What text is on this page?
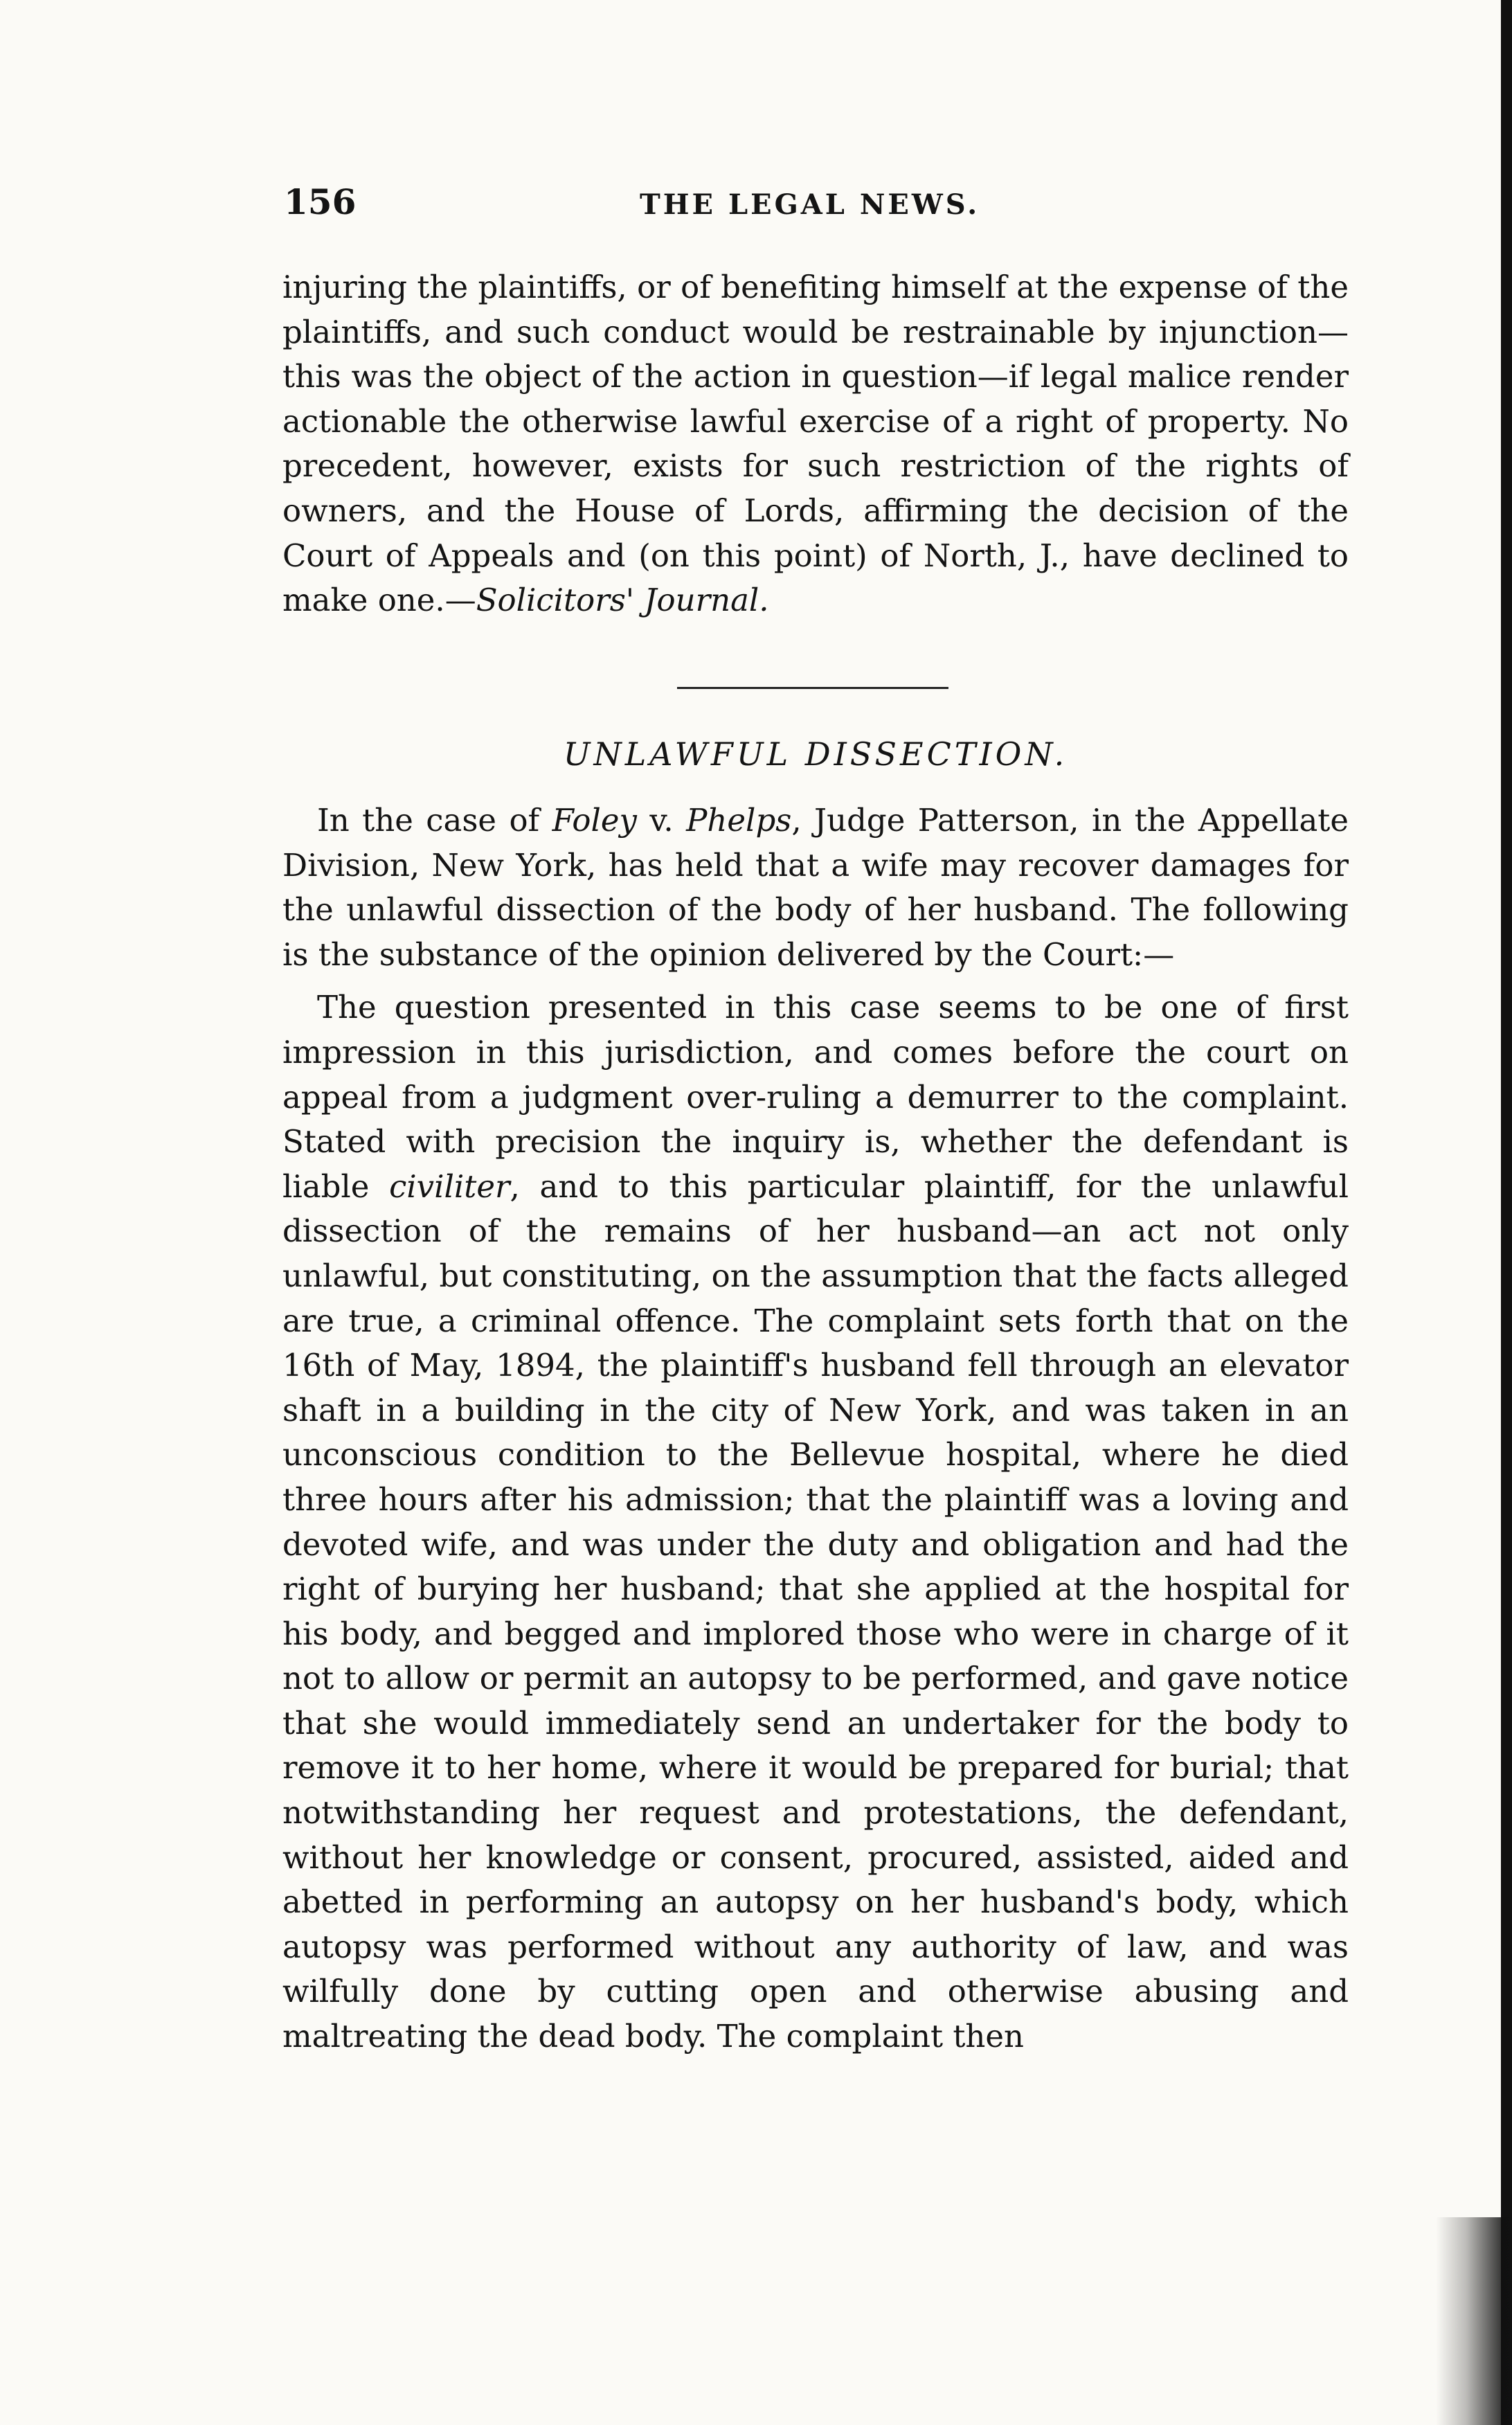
156	THE LEGAL NEWS.

injuring the plaintiffs, or of benefiting himself at the expense of the plaintiffs, and such conduct would be restrainable by injunction—this was the object of the action in question—if legal malice render actionable the otherwise lawful exercise of a right of property. No precedent, however, exists for such restriction of the rights of owners, and the House of Lords, affirming the decision of the Court of Appeals and (on this point) of North, J., have declined to make one.—Solicitors' Journal.

UNLAWFUL DISSECTION.

In the case of Foley v. Phelps, Judge Patterson, in the Appellate Division, New York, has held that a wife may recover damages for the unlawful dissection of the body of her husband. The following is the substance of the opinion delivered by the Court:—

The question presented in this case seems to be one of first impression in this jurisdiction, and comes before the court on appeal from a judgment over-ruling a demurrer to the complaint. Stated with precision the inquiry is, whether the defendant is liable civiliter, and to this particular plaintiff, for the unlawful dissection of the remains of her husband—an act not only unlawful, but constituting, on the assumption that the facts alleged are true, a criminal offence. The complaint sets forth that on the 16th of May, 1894, the plaintiff's husband fell through an elevator shaft in a building in the city of New York, and was taken in an unconscious condition to the Bellevue hospital, where he died three hours after his admission; that the plaintiff was a loving and devoted wife, and was under the duty and obligation and had the right of burying her husband; that she applied at the hospital for his body, and begged and implored those who were in charge of it not to allow or permit an autopsy to be performed, and gave notice that she would immediately send an undertaker for the body to remove it to her home, where it would be prepared for burial; that notwithstanding her request and protestations, the defendant, without her knowledge or consent, procured, assisted, aided and abetted in performing an autopsy on her husband's body, which autopsy was performed without any authority of law, and was wilfully done by cutting open and otherwise abusing and maltreating the dead body. The complaint then
